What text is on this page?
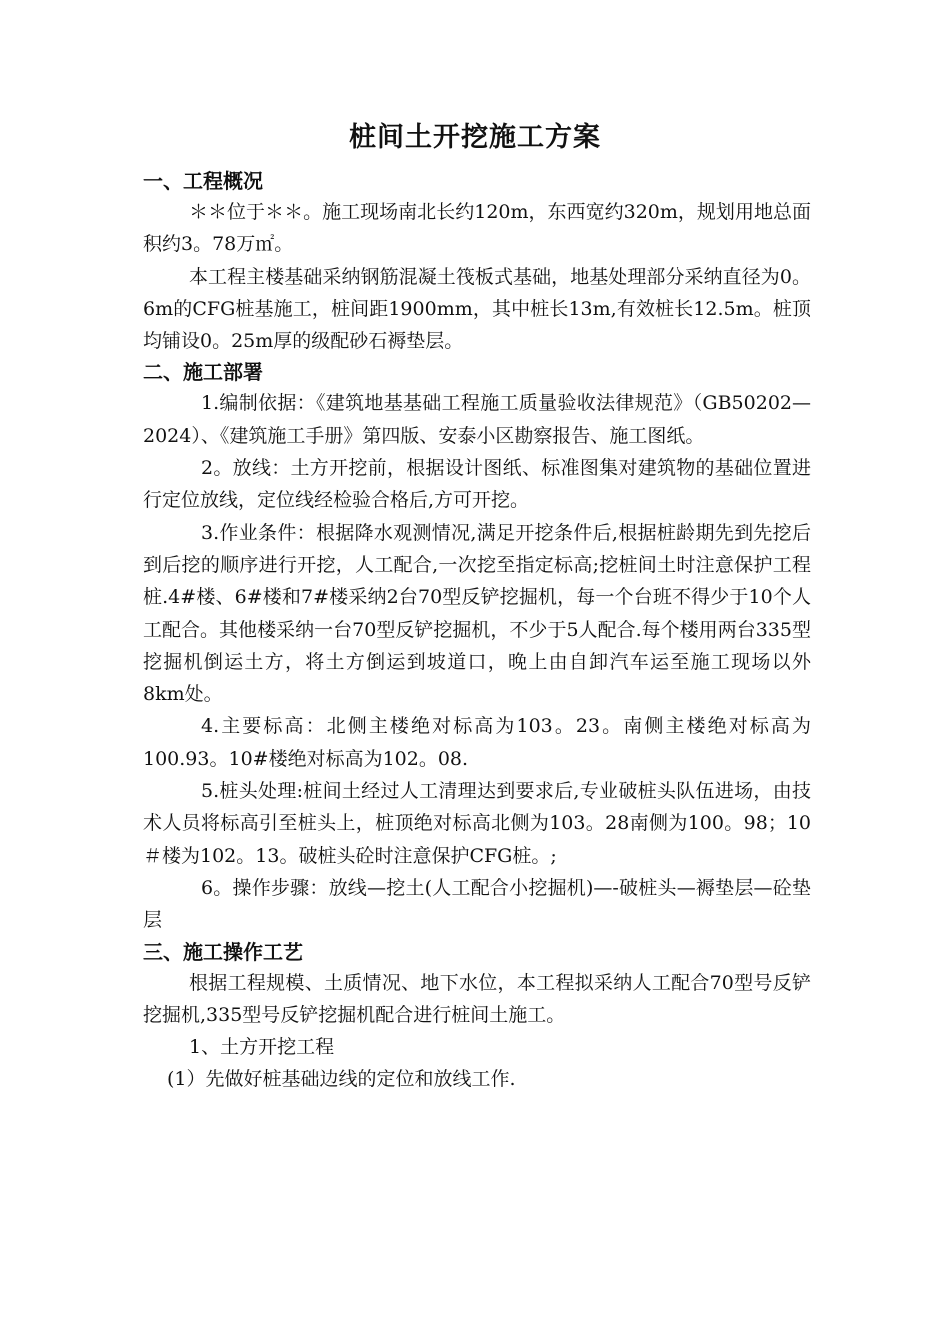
桩间土开挖施工方案
一、工程概况

＊＊位于＊＊。施工现场南北长约120m，东西宽约320m，规划用地总面积约3。78万㎡。

本工程主楼基础采纳钢筋混凝土筏板式基础，地基处理部分采纳直径为0。6m的CFG桩基施工，桩间距1900mm，其中桩长13m,有效桩长12.5m。桩顶均铺设0。25m厚的级配砂石褥垫层。

二、施工部署

1.编制依据：《建筑地基基础工程施工质量验收法律规范》（GB50202—2024）、《建筑施工手册》第四版、安泰小区勘察报告、施工图纸。

2。放线：土方开挖前，根据设计图纸、标准图集对建筑物的基础位置进行定位放线，定位线经检验合格后,方可开挖。

3.作业条件：根据降水观测情况,满足开挖条件后,根据桩龄期先到先挖后到后挖的顺序进行开挖，人工配合,一次挖至指定标高;挖桩间土时注意保护工程桩.4#楼、6#楼和7#楼采纳2台70型反铲挖掘机，每一个台班不得少于10个人工配合。其他楼采纳一台70型反铲挖掘机，不少于5人配合.每个楼用两台335型挖掘机倒运土方，将土方倒运到坡道口，晚上由自卸汽车运至施工现场以外8km处。

4.主要标高：北侧主楼绝对标高为103。23。南侧主楼绝对标高为100.93。10#楼绝对标高为102。08.

5.桩头处理:桩间土经过人工清理达到要求后,专业破桩头队伍进场，由技术人员将标高引至桩头上，桩顶绝对标高北侧为103。28南侧为100。98；10＃楼为102。13。破桩头砼时注意保护CFG桩。;

6。操作步骤：放线—挖土(人工配合小挖掘机)—-破桩头—褥垫层—砼垫层

三、施工操作工艺

根据工程规模、土质情况、地下水位，本工程拟采纳人工配合70型号反铲挖掘机,335型号反铲挖掘机配合进行桩间土施工。

1、土方开挖工程

(1）先做好桩基础边线的定位和放线工作.
